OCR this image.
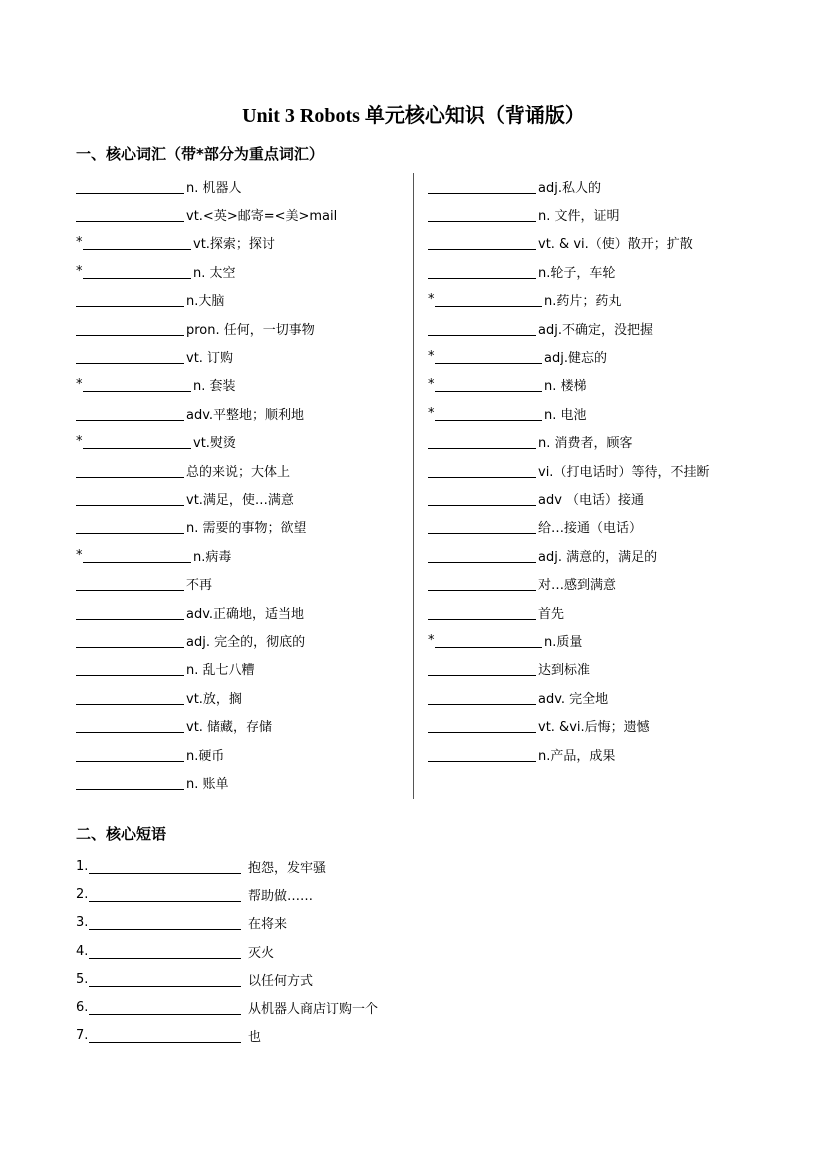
Unit 3 Robots 单元核心知识（背诵版）
一、核心词汇（带*部分为重点词汇）
n. 机器人
vt.<英>邮寄=<美>mail
*	vt.探索；探讨
*	n. 太空
n.大脑
pron. 任何，一切事物
vt. 订购
*	n. 套装
adv.平整地；顺利地
*	vt.熨烫
总的来说；大体上
vt.满足，使…满意
n. 需要的事物；欲望
*	n.病毒
不再
adv.正确地，适当地
adj. 完全的，彻底的
n. 乱七八糟
vt.放，搁
vt. 储藏，存储
n.硬币
n. 账单
adj.私人的
n. 文件，证明
vt. & vi.（使）散开；扩散
n.轮子，车轮
*	n.药片；药丸
adj.不确定，没把握
*	adj.健忘的
*	n. 楼梯
*	n. 电池
n. 消费者，顾客
vi.（打电话时）等待，不挂断
adv （电话）接通
给…接通（电话）
adj. 满意的，满足的
对…感到满意
首先
*	n.质量
达到标准
adv. 完全地
vt. &vi.后悔；遗憾
n.产品，成果
二、核心短语
1.	抱怨，发牢骚
2.	帮助做……
3.	在将来
4.	灭火
5.	以任何方式
6.	从机器人商店订购一个
7.	也
